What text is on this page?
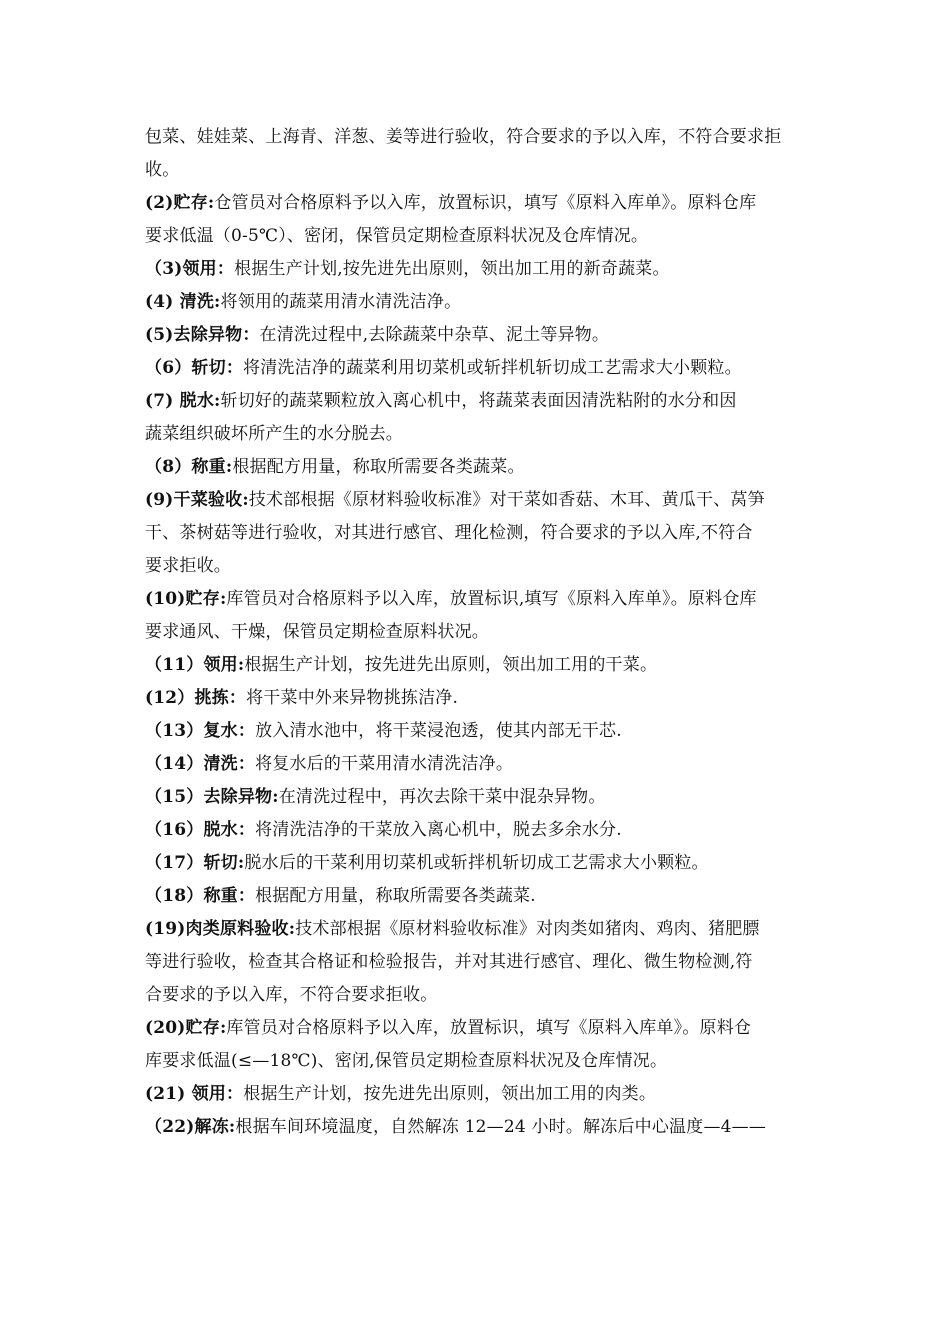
包菜、娃娃菜、上海青、洋葱、姜等进行验收，符合要求的予以入库，不符合要求拒
收。
(2)贮存:仓管员对合格原料予以入库，放置标识，填写《原料入库单》。原料仓库
要求低温（0-5℃）、密闭，保管员定期检查原料状况及仓库情况。
（3)领用：根据生产计划,按先进先出原则，领出加工用的新奇蔬菜。
(4) 清洗:将领用的蔬菜用清水清洗洁净。
(5)去除异物：在清洗过程中,去除蔬菜中杂草、泥土等异物。
（6）斩切：将清洗洁净的蔬菜利用切菜机或斩拌机斩切成工艺需求大小颗粒。
(7) 脱水:斩切好的蔬菜颗粒放入离心机中，将蔬菜表面因清洗粘附的水分和因
蔬菜组织破坏所产生的水分脱去。
（8）称重:根据配方用量，称取所需要各类蔬菜。
(9)干菜验收:技术部根据《原材料验收标准》对干菜如香菇、木耳、黄瓜干、莴笋
干、茶树菇等进行验收，对其进行感官、理化检测，符合要求的予以入库,不符合
要求拒收。
(10)贮存:库管员对合格原料予以入库，放置标识,填写《原料入库单》。原料仓库
要求通风、干燥，保管员定期检查原料状况。
（11）领用:根据生产计划，按先进先出原则，领出加工用的干菜。
(12）挑拣：将干菜中外来异物挑拣洁净.
（13）复水：放入清水池中，将干菜浸泡透，使其内部无干芯.
（14）清洗：将复水后的干菜用清水清洗洁净。
（15）去除异物:在清洗过程中，再次去除干菜中混杂异物。
（16）脱水：将清洗洁净的干菜放入离心机中，脱去多余水分.
（17）斩切:脱水后的干菜利用切菜机或斩拌机斩切成工艺需求大小颗粒。
（18）称重：根据配方用量，称取所需要各类蔬菜.
(19)肉类原料验收:技术部根据《原材料验收标准》对肉类如猪肉、鸡肉、猪肥膘
等进行验收，检查其合格证和检验报告，并对其进行感官、理化、微生物检测,符
合要求的予以入库，不符合要求拒收。
(20)贮存:库管员对合格原料予以入库，放置标识，填写《原料入库单》。原料仓
库要求低温(≤—18℃)、密闭,保管员定期检查原料状况及仓库情况。
(21) 领用：根据生产计划，按先进先出原则，领出加工用的肉类。
（22)解冻:根据车间环境温度，自然解冻 12—24 小时。解冻后中心温度—4——
